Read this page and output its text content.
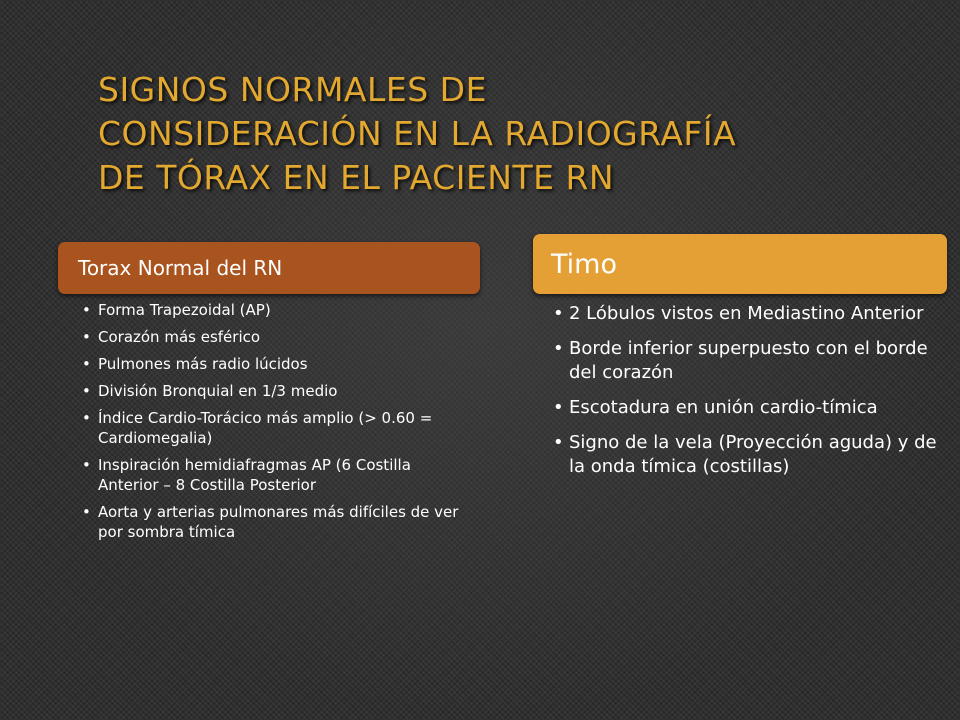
SIGNOS NORMALES DE
CONSIDERACIÓN EN LA RADIOGRAFÍA
DE TÓRAX EN EL PACIENTE RN
Torax Normal del RN
• Forma Trapezoidal (AP)
• Corazón más esférico
• Pulmones más radio lúcidos
• División Bronquial en 1/3 medio
• Índice Cardio-Torácico más amplio (> 0.60 = Cardiomegalia)
• Inspiración hemidiafragmas AP (6 Costilla Anterior – 8 Costilla Posterior
• Aorta y arterias pulmonares más difíciles de ver por sombra tímica
Timo
• 2 Lóbulos vistos en Mediastino Anterior
• Borde inferior superpuesto con el borde del corazón
• Escotadura en unión cardio-tímica
• Signo de la vela (Proyección aguda) y de la onda tímica (costillas)
